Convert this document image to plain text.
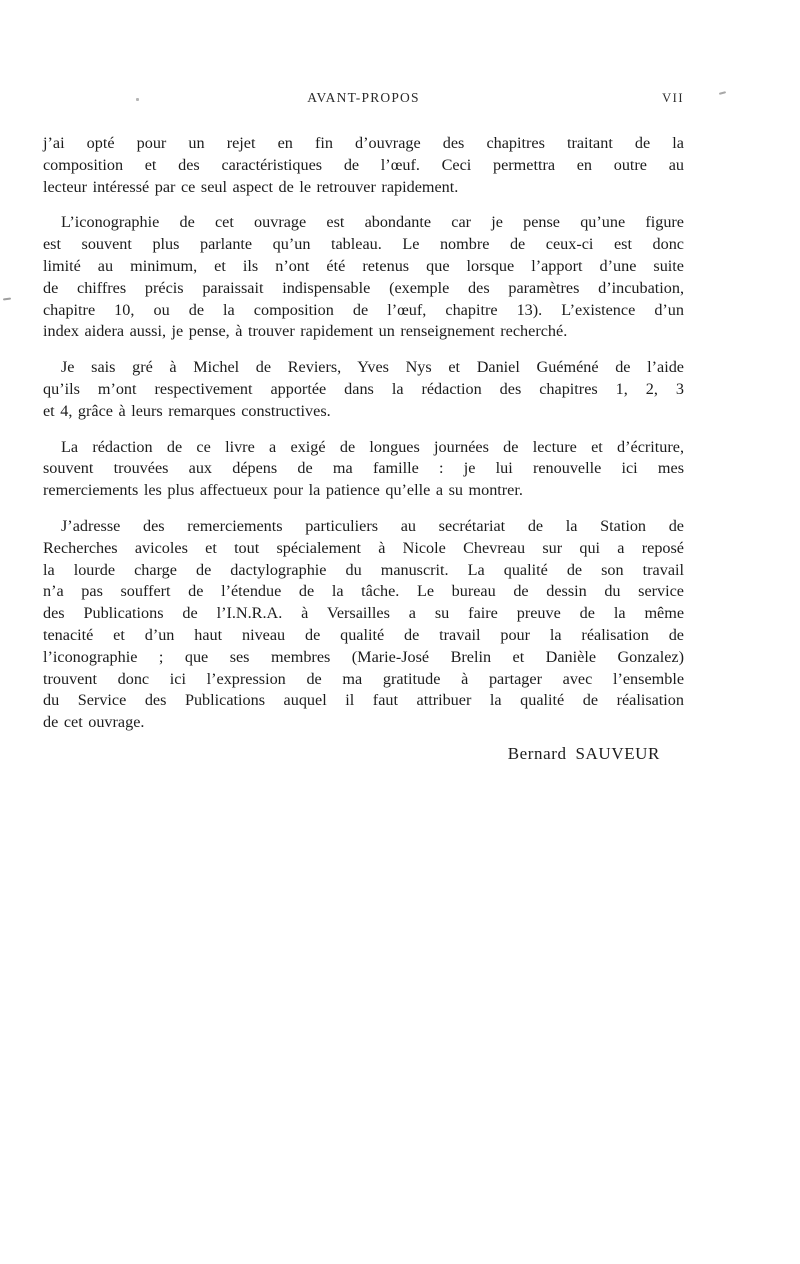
AVANT-PROPOS	VII
j’ai opté pour un rejet en fin d’ouvrage des chapitres traitant de la
composition et des caractéristiques de l’œuf. Ceci permettra en outre au
lecteur intéressé par ce seul aspect de le retrouver rapidement.
L’iconographie de cet ouvrage est abondante car je pense qu’une figure
est souvent plus parlante qu’un tableau. Le nombre de ceux-ci est donc
limité au minimum, et ils n’ont été retenus que lorsque l’apport d’une suite
de chiffres précis paraissait indispensable (exemple des paramètres d’incubation,
chapitre 10, ou de la composition de l’œuf, chapitre 13). L’existence d’un
index aidera aussi, je pense, à trouver rapidement un renseignement recherché.
Je sais gré à Michel de Reviers, Yves Nys et Daniel Guéméné de l’aide
qu’ils m’ont respectivement apportée dans la rédaction des chapitres 1, 2, 3
et 4, grâce à leurs remarques constructives.
La rédaction de ce livre a exigé de longues journées de lecture et d’écriture,
souvent trouvées aux dépens de ma famille : je lui renouvelle ici mes
remerciements les plus affectueux pour la patience qu’elle a su montrer.
J’adresse des remerciements particuliers au secrétariat de la Station de
Recherches avicoles et tout spécialement à Nicole Chevreau sur qui a reposé
la lourde charge de dactylographie du manuscrit. La qualité de son travail
n’a pas souffert de l’étendue de la tâche. Le bureau de dessin du service
des Publications de l’I.N.R.A. à Versailles a su faire preuve de la même
tenacité et d’un haut niveau de qualité de travail pour la réalisation de
l’iconographie ; que ses membres (Marie-José Brelin et Danièle Gonzalez)
trouvent donc ici l’expression de ma gratitude à partager avec l’ensemble
du Service des Publications auquel il faut attribuer la qualité de réalisation
de cet ouvrage.
Bernard SAUVEUR
